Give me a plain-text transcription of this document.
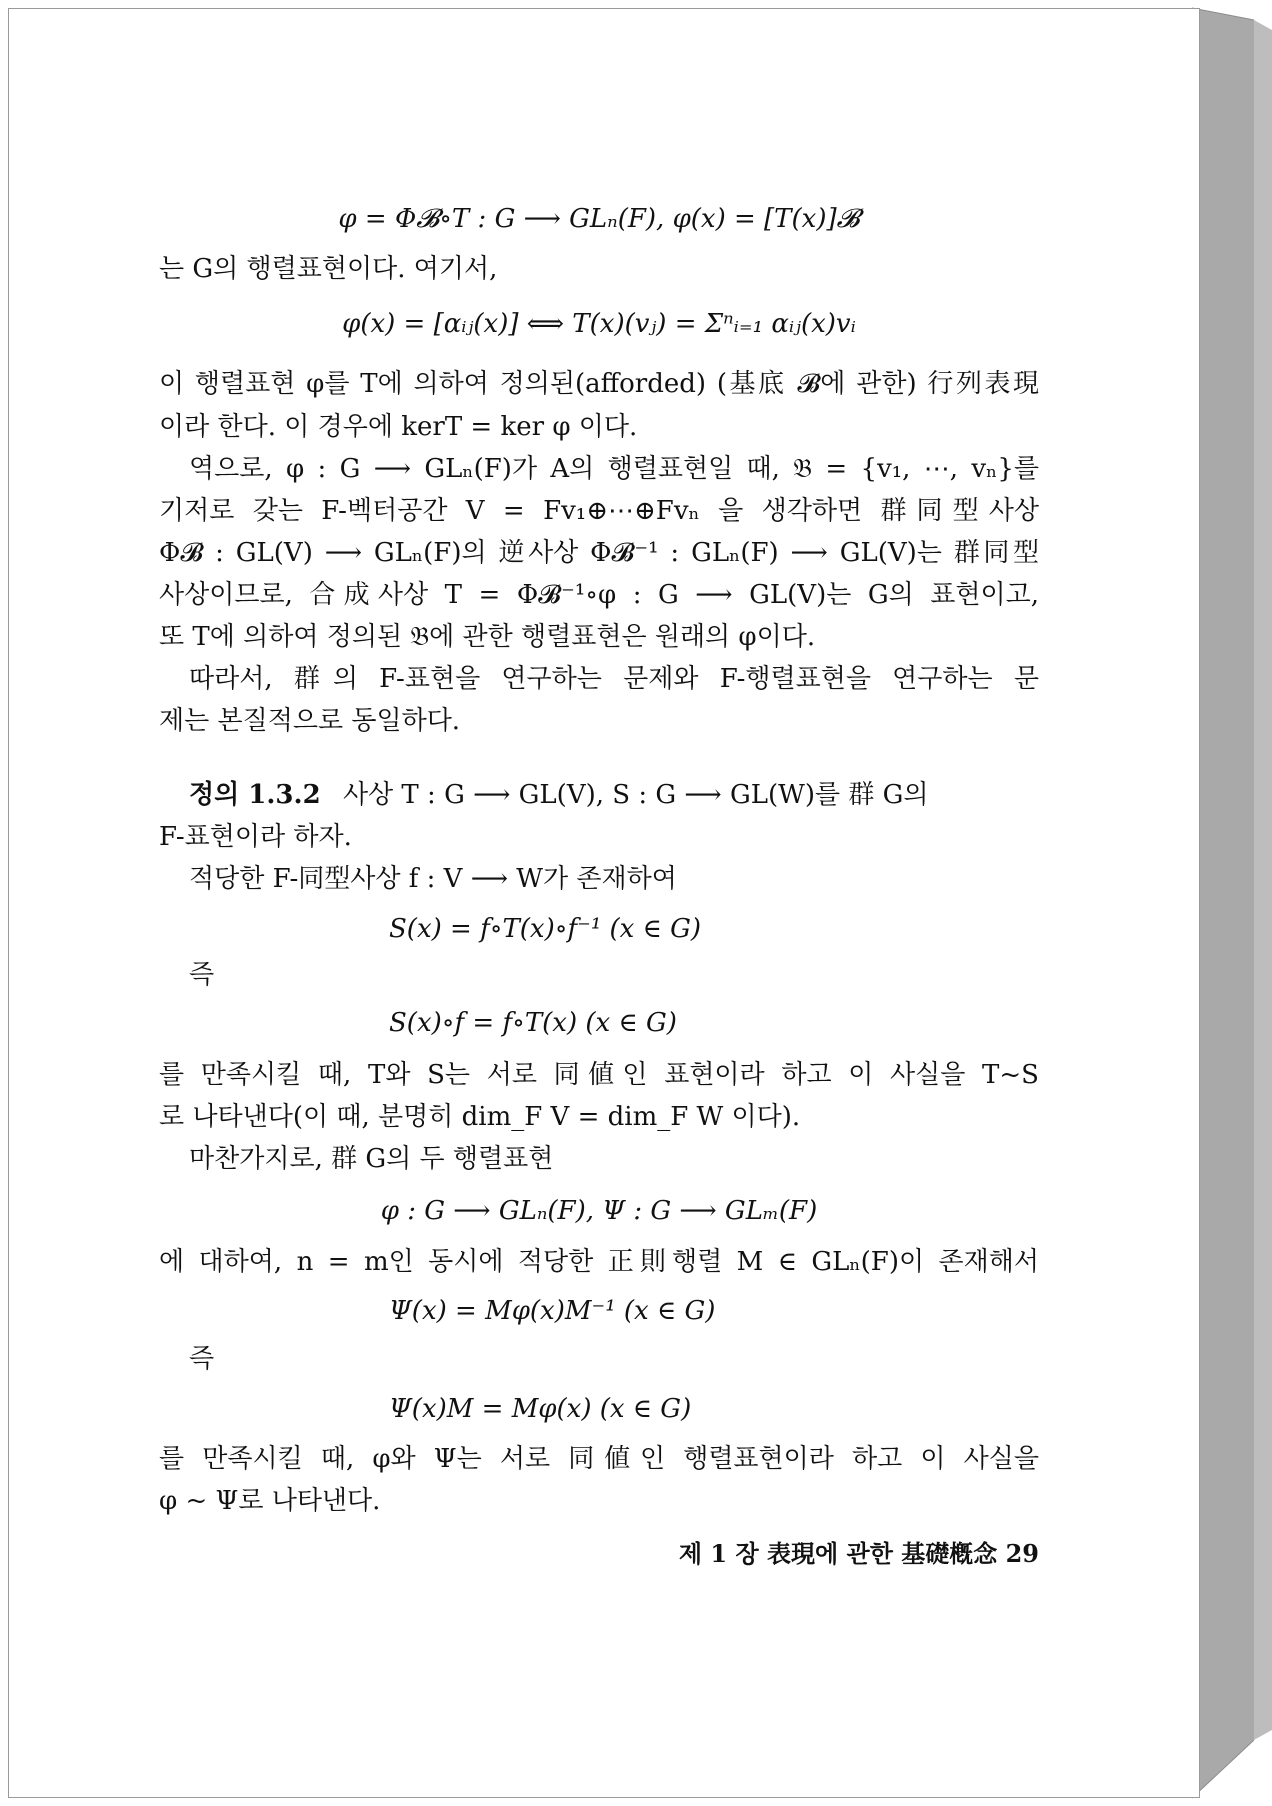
φ = Φ𝓑∘T : G ⟶ GLₙ(F), φ(x) = [T(x)]𝓑
는 G의 행렬표현이다. 여기서,
φ(x) = [αᵢⱼ(x)] ⟺ T(x)(vⱼ) = Σⁿᵢ₌₁ αᵢⱼ(x)vᵢ
이 행렬표현 φ를 T에 의하여 정의된(afforded) (基底 𝓑에 관한) 行列表現
이라 한다. 이 경우에 kerT = ker φ 이다.
역으로, φ : G ⟶ GLₙ(F)가 A의 행렬표현일 때, 𝔅 = {v₁, ⋯, vₙ}를
기저로 갖는 F-벡터공간 V = Fv₁⊕⋯⊕Fvₙ 을 생각하면 群同型사상
Φ𝓑 : GL(V) ⟶ GLₙ(F)의 逆사상 Φ𝓑⁻¹ : GLₙ(F) ⟶ GL(V)는 群同型
사상이므로, 合成사상 T = Φ𝓑⁻¹∘φ : G ⟶ GL(V)는 G의 표현이고,
또 T에 의하여 정의된 𝔅에 관한 행렬표현은 원래의 φ이다.
따라서, 群의 F-표현을 연구하는 문제와 F-행렬표현을 연구하는 문
제는 본질적으로 동일하다.
정의 1.3.2 사상 T : G ⟶ GL(V), S : G ⟶ GL(W)를 群 G의
F-표현이라 하자.
적당한 F-同型사상 f : V ⟶ W가 존재하여
S(x) = f∘T(x)∘f⁻¹ (x ∈ G)
즉
S(x)∘f = f∘T(x) (x ∈ G)
를 만족시킬 때, T와 S는 서로 同値인 표현이라 하고 이 사실을 T~S
로 나타낸다(이 때, 분명히 dim_F V = dim_F W 이다).
마찬가지로, 群 G의 두 행렬표현
φ : G ⟶ GLₙ(F), Ψ : G ⟶ GLₘ(F)
에 대하여, n = m인 동시에 적당한 正則행렬 M ∈ GLₙ(F)이 존재해서
Ψ(x) = Mφ(x)M⁻¹ (x ∈ G)
즉
Ψ(x)M = Mφ(x) (x ∈ G)
를 만족시킬 때, φ와 Ψ는 서로 同値인 행렬표현이라 하고 이 사실을
φ ~ Ψ로 나타낸다.
제 1 장 表現에 관한 基礎槪念 29
